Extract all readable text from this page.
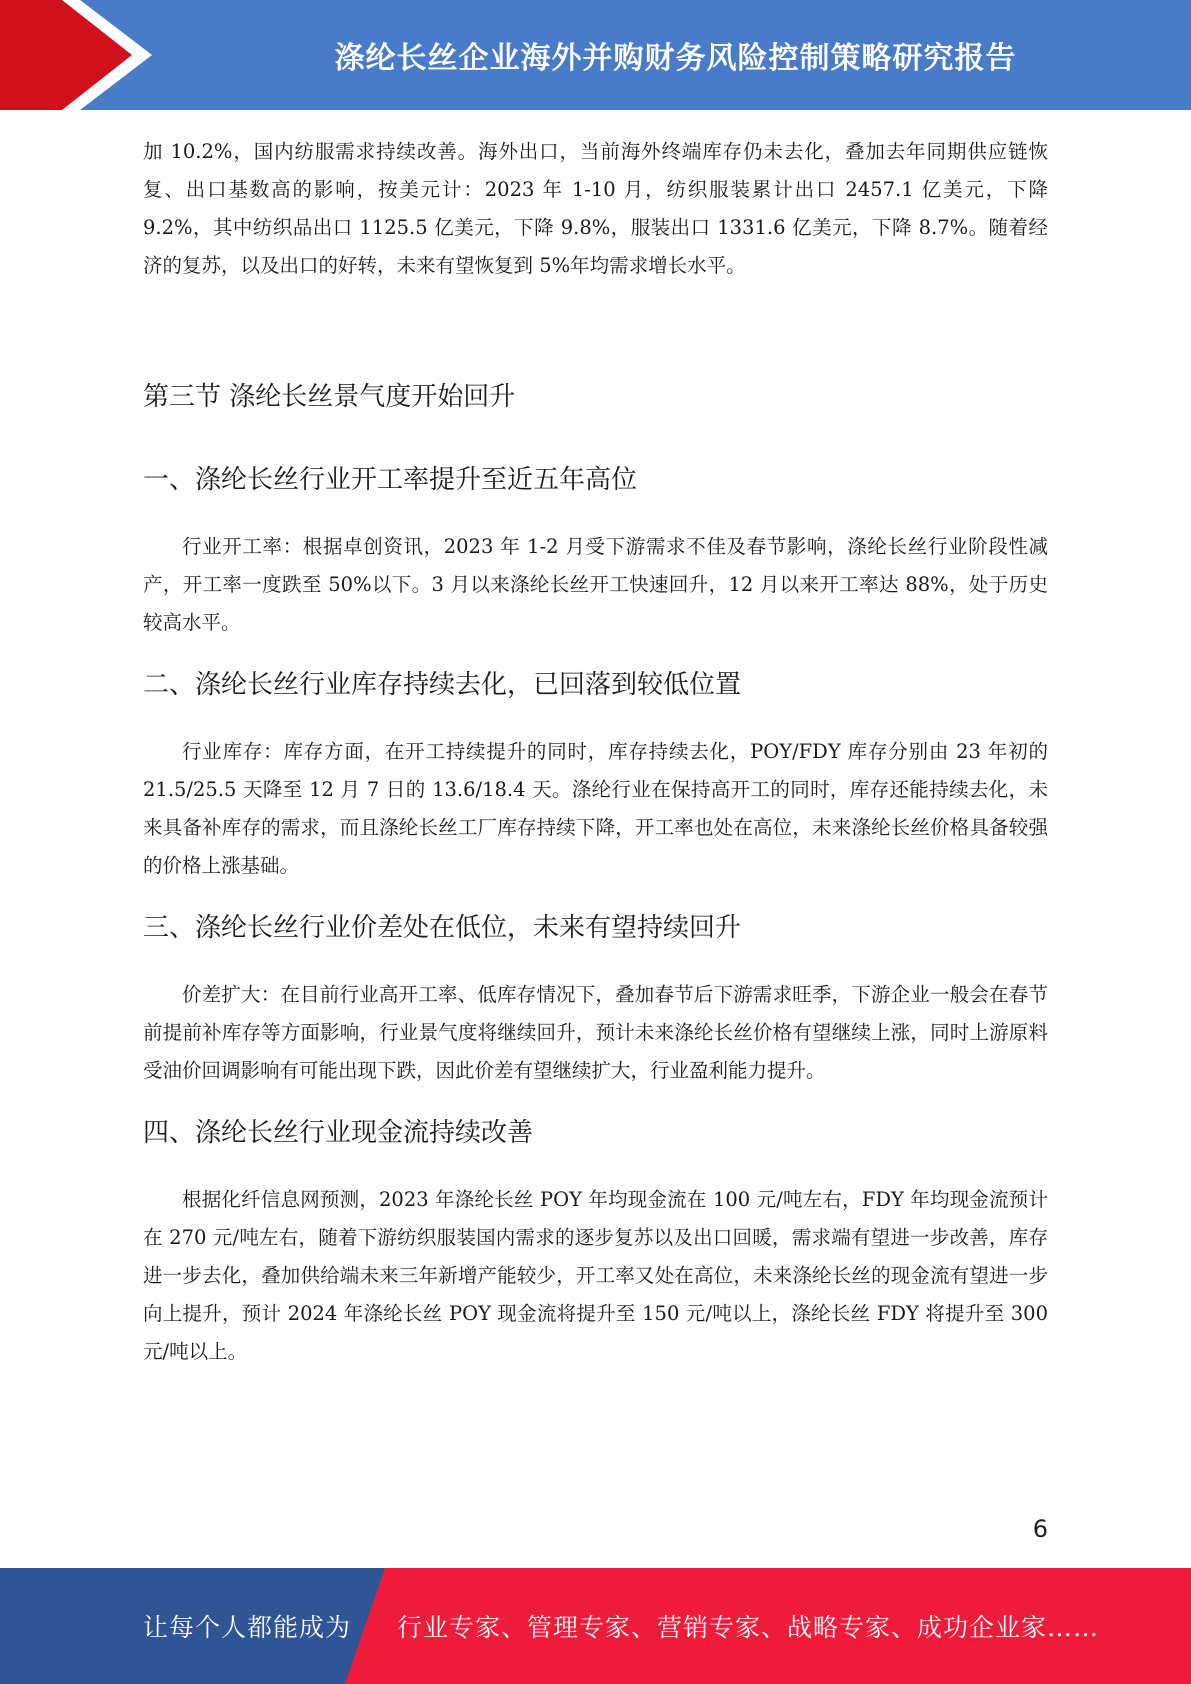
涤纶长丝企业海外并购财务风险控制策略研究报告

加 10.2%，国内纺服需求持续改善。海外出口，当前海外终端库存仍未去化，叠加去年同期供应链恢复、出口基数高的影响，按美元计：2023 年 1-10 月，纺织服装累计出口 2457.1 亿美元，下降 9.2%，其中纺织品出口 1125.5 亿美元，下降 9.8%，服装出口 1331.6 亿美元，下降 8.7%。随着经济的复苏，以及出口的好转，未来有望恢复到 5%年均需求增长水平。

第三节 涤纶长丝景气度开始回升
一、涤纶长丝行业开工率提升至近五年高位

行业开工率：根据卓创资讯，2023 年 1-2 月受下游需求不佳及春节影响，涤纶长丝行业阶段性减产，开工率一度跌至 50%以下。3 月以来涤纶长丝开工快速回升，12 月以来开工率达 88%，处于历史较高水平。

二、涤纶长丝行业库存持续去化，已回落到较低位置

行业库存：库存方面，在开工持续提升的同时，库存持续去化，POY/FDY 库存分别由 23 年初的 21.5/25.5 天降至 12 月 7 日的 13.6/18.4 天。涤纶行业在保持高开工的同时，库存还能持续去化，未来具备补库存的需求，而且涤纶长丝工厂库存持续下降，开工率也处在高位，未来涤纶长丝价格具备较强的价格上涨基础。

三、涤纶长丝行业价差处在低位，未来有望持续回升

价差扩大：在目前行业高开工率、低库存情况下，叠加春节后下游需求旺季，下游企业一般会在春节前提前补库存等方面影响，行业景气度将继续回升，预计未来涤纶长丝价格有望继续上涨，同时上游原料受油价回调影响有可能出现下跌，因此价差有望继续扩大，行业盈利能力提升。

四、涤纶长丝行业现金流持续改善

根据化纤信息网预测，2023 年涤纶长丝 POY 年均现金流在 100 元/吨左右，FDY 年均现金流预计在 270 元/吨左右，随着下游纺织服装国内需求的逐步复苏以及出口回暖，需求端有望进一步改善，库存进一步去化，叠加供给端未来三年新增产能较少，开工率又处在高位，未来涤纶长丝的现金流有望进一步向上提升，预计 2024 年涤纶长丝 POY 现金流将提升至 150 元/吨以上，涤纶长丝 FDY 将提升至 300 元/吨以上。

6
让每个人都能成为 行业专家、管理专家、营销专家、战略专家、成功企业家……
